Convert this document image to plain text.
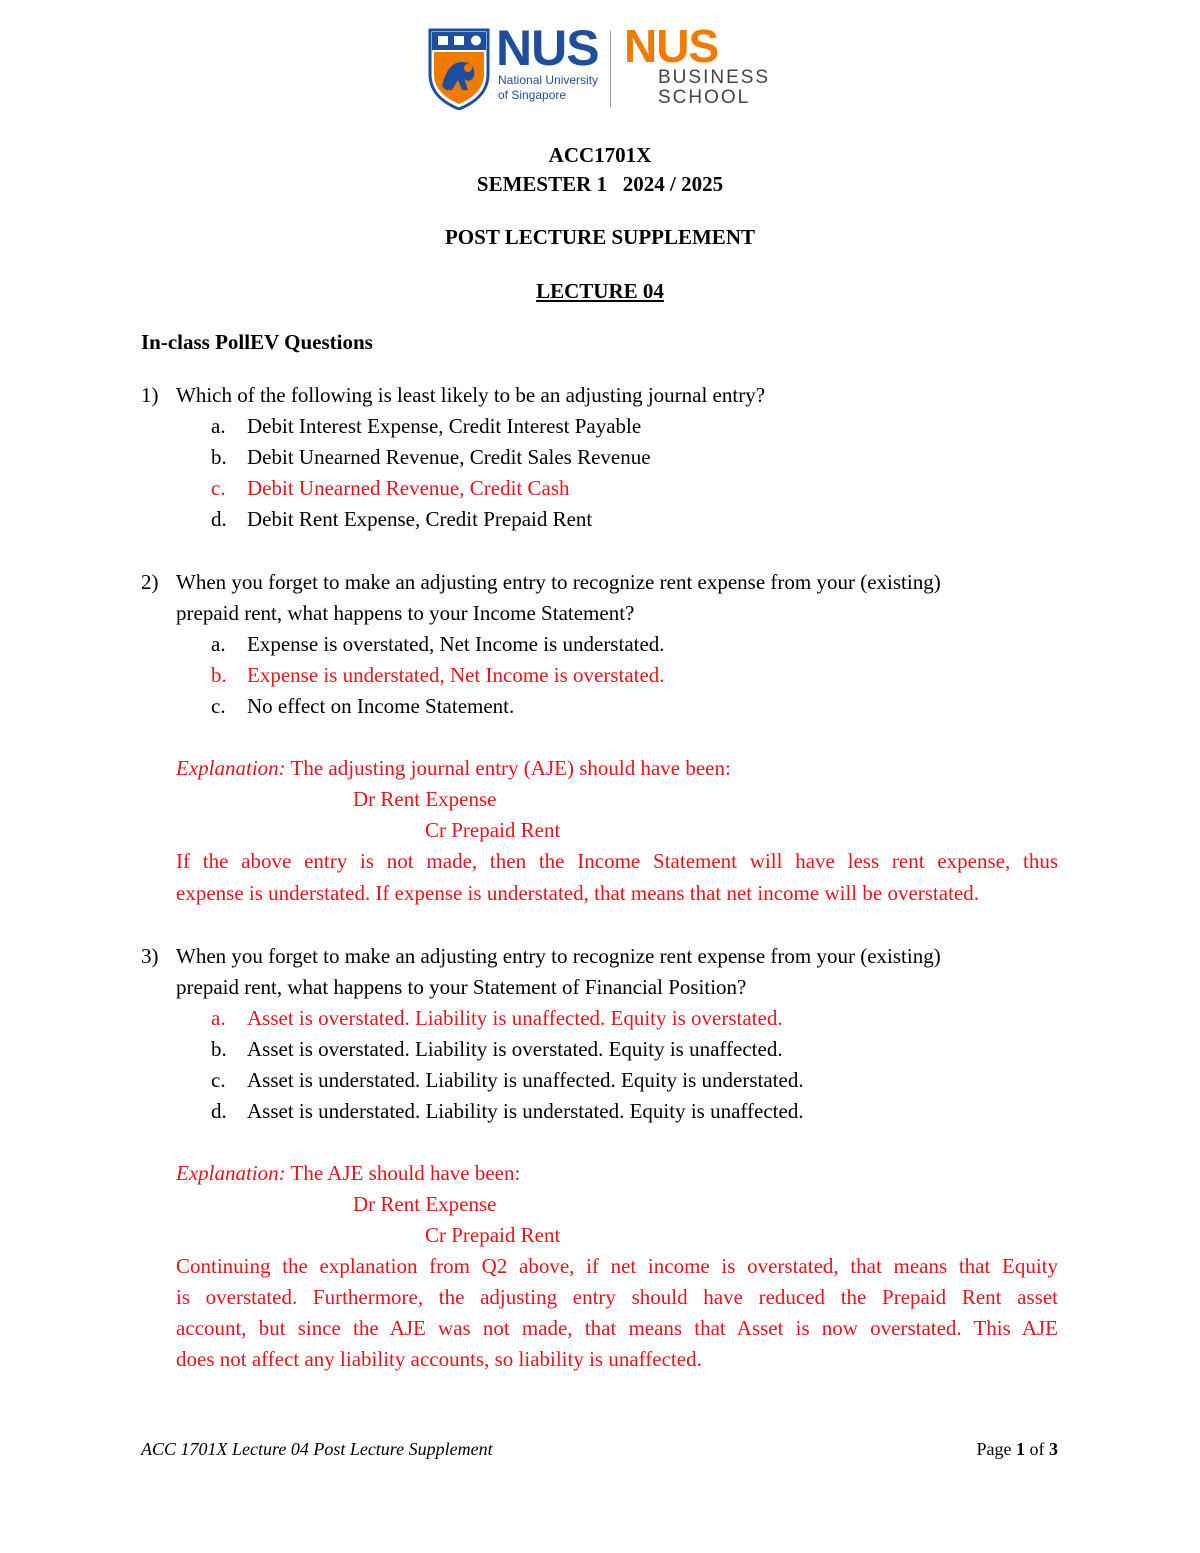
NUS
National University
of Singapore
NUS
BUSINESS
SCHOOL
ACC1701X
SEMESTER 1   2024 / 2025
POST LECTURE SUPPLEMENT
LECTURE 04
In-class PollEV Questions
1) Which of the following is least likely to be an adjusting journal entry?
a. Debit Interest Expense, Credit Interest Payable
b. Debit Unearned Revenue, Credit Sales Revenue
c. Debit Unearned Revenue, Credit Cash
d. Debit Rent Expense, Credit Prepaid Rent
2) When you forget to make an adjusting entry to recognize rent expense from your (existing)
prepaid rent, what happens to your Income Statement?
a. Expense is overstated, Net Income is understated.
b. Expense is understated, Net Income is overstated.
c. No effect on Income Statement.
Explanation: The adjusting journal entry (AJE) should have been:
Dr Rent Expense
Cr Prepaid Rent
If the above entry is not made, then the Income Statement will have less rent expense, thus
expense is understated. If expense is understated, that means that net income will be overstated.
3) When you forget to make an adjusting entry to recognize rent expense from your (existing)
prepaid rent, what happens to your Statement of Financial Position?
a. Asset is overstated. Liability is unaffected. Equity is overstated.
b. Asset is overstated. Liability is overstated. Equity is unaffected.
c. Asset is understated. Liability is unaffected. Equity is understated.
d. Asset is understated. Liability is understated. Equity is unaffected.
Explanation: The AJE should have been:
Dr Rent Expense
Cr Prepaid Rent
Continuing the explanation from Q2 above, if net income is overstated, that means that Equity
is overstated. Furthermore, the adjusting entry should have reduced the Prepaid Rent asset
account, but since the AJE was not made, that means that Asset is now overstated. This AJE
does not affect any liability accounts, so liability is unaffected.
ACC 1701X Lecture 04 Post Lecture Supplement	Page 1 of 3
